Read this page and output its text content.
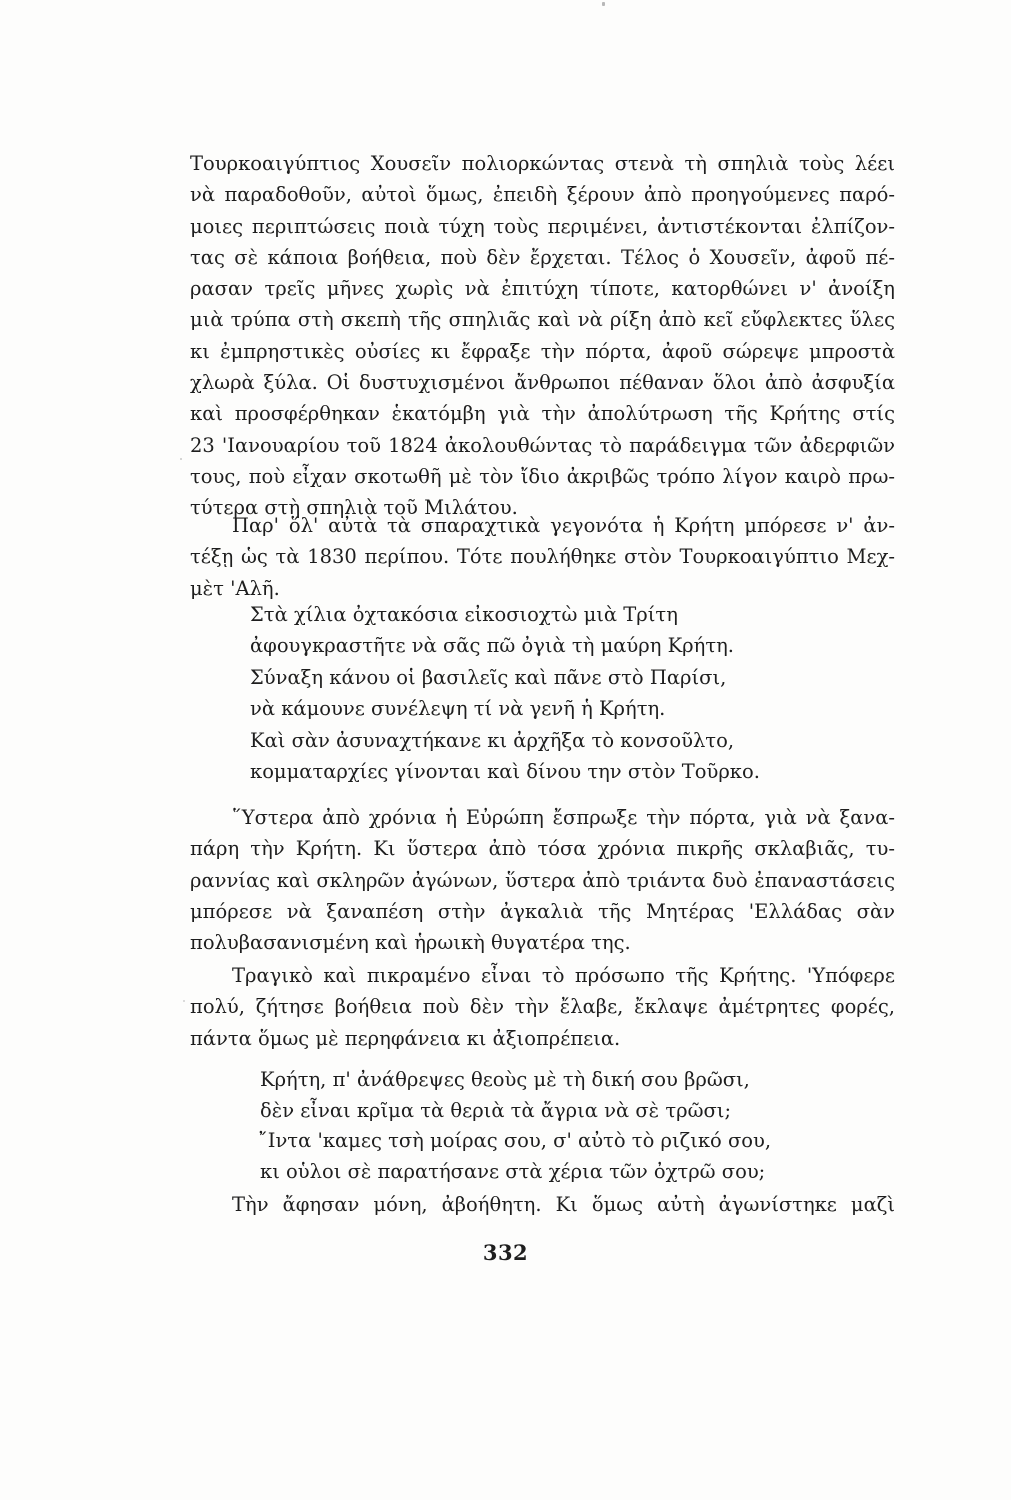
Τουρκοαιγύπτιος Χουσεῖν πολιορκώντας στενὰ τὴ σπηλιὰ τοὺς λέει
νὰ παραδοθοῦν, αὐτοὶ ὅμως, ἐπειδὴ ξέρουν ἀπὸ προηγούμενες παρό-
μοιες περιπτώσεις ποιὰ τύχη τοὺς περιμένει, ἀντιστέκονται ἐλπίζον-
τας σὲ κάποια βοήθεια, ποὺ δὲν ἔρχεται. Τέλος ὁ Χουσεῖν, ἀφοῦ πέ-
ρασαν τρεῖς μῆνες χωρὶς νὰ ἐπιτύχη τίποτε, κατορθώνει ν' ἀνοίξη
μιὰ τρύπα στὴ σκεπὴ τῆς σπηλιᾶς καὶ νὰ ρίξη ἀπὸ κεῖ εὔφλεκτες ὕλες
κι ἐμπρηστικὲς οὐσίες κι ἔφραξε τὴν πόρτα, ἀφοῦ σώρεψε μπροστὰ
χλωρὰ ξύλα. Οἱ δυστυχισμένοι ἄνθρωποι πέθαναν ὅλοι ἀπὸ ἀσφυξία
καὶ προσφέρθηκαν ἑκατόμβη γιὰ τὴν ἀπολύτρωση τῆς Κρήτης στίς
23 'Ιανουαρίου τοῦ 1824 ἀκολουθώντας τὸ παράδειγμα τῶν ἀδερφιῶν
τους, ποὺ εἶχαν σκοτωθῆ μὲ τὸν ἴδιο ἀκριβῶς τρόπο λίγον καιρὸ πρω-
τύτερα στὴ σπηλιὰ τοῦ Μιλάτου.
Παρ' ὅλ' αὐτὰ τὰ σπαραχτικὰ γεγονότα ἡ Κρήτη μπόρεσε ν' ἀν-
τέξῃ ὡς τὰ 1830 περίπου. Τότε πουλήθηκε στὸν Τουρκοαιγύπτιο Μεχ-
μὲτ 'Αλῆ.
Στὰ χίλια ὀχτακόσια εἰκοσιοχτὼ μιὰ Τρίτη
ἀφουγκραστῆτε νὰ σᾶς πῶ ὀγιὰ τὴ μαύρη Κρήτη.
Σύναξη κάνου οἱ βασιλεῖς καὶ πᾶνε στὸ Παρίσι,
νὰ κάμουνε συνέλεψη τί νὰ γενῆ ἡ Κρήτη.
Καὶ σὰν ἀσυναχτήκανε κι ἀρχῆξα τὸ κονσοῦλτο,
κομματαρχίες γίνονται καὶ δίνου την στὸν Τοῦρκο.
῞Υστερα ἀπὸ χρόνια ἡ Εὐρώπη ἔσπρωξε τὴν πόρτα, γιὰ νὰ ξανα-
πάρη τὴν Κρήτη. Κι ὕστερα ἀπὸ τόσα χρόνια πικρῆς σκλαβιᾶς, τυ-
ραννίας καὶ σκληρῶν ἀγώνων, ὕστερα ἀπὸ τριάντα δυὸ ἐπαναστάσεις
μπόρεσε νὰ ξαναπέση στὴν ἀγκαλιὰ τῆς Μητέρας 'Ελλάδας σὰν
πολυβασανισμένη καὶ ἡρωικὴ θυγατέρα της.
Τραγικὸ καὶ πικραμένο εἶναι τὸ πρόσωπο τῆς Κρήτης. 'Υπόφερε
πολύ, ζήτησε βοήθεια ποὺ δὲν τὴν ἔλαβε, ἔκλαψε ἀμέτρητες φορές,
πάντα ὅμως μὲ περηφάνεια κι ἀξιοπρέπεια.
Κρήτη, π' ἀνάθρεψες θεοὺς μὲ τὴ δική σου βρῶσι,
δὲν εἶναι κρῖμα τὰ θεριὰ τὰ ἄγρια νὰ σὲ τρῶσι;
῎Ιντα 'καμες τσὴ μοίρας σου, σ' αὐτὸ τὸ ριζικό σου,
κι οὑλοι σὲ παρατήσανε στὰ χέρια τῶν ὀχτρῶ σου;
Τὴν ἄφησαν μόνη, ἀβοήθητη. Κι ὅμως αὐτὴ ἀγωνίστηκε μαζὶ
332
